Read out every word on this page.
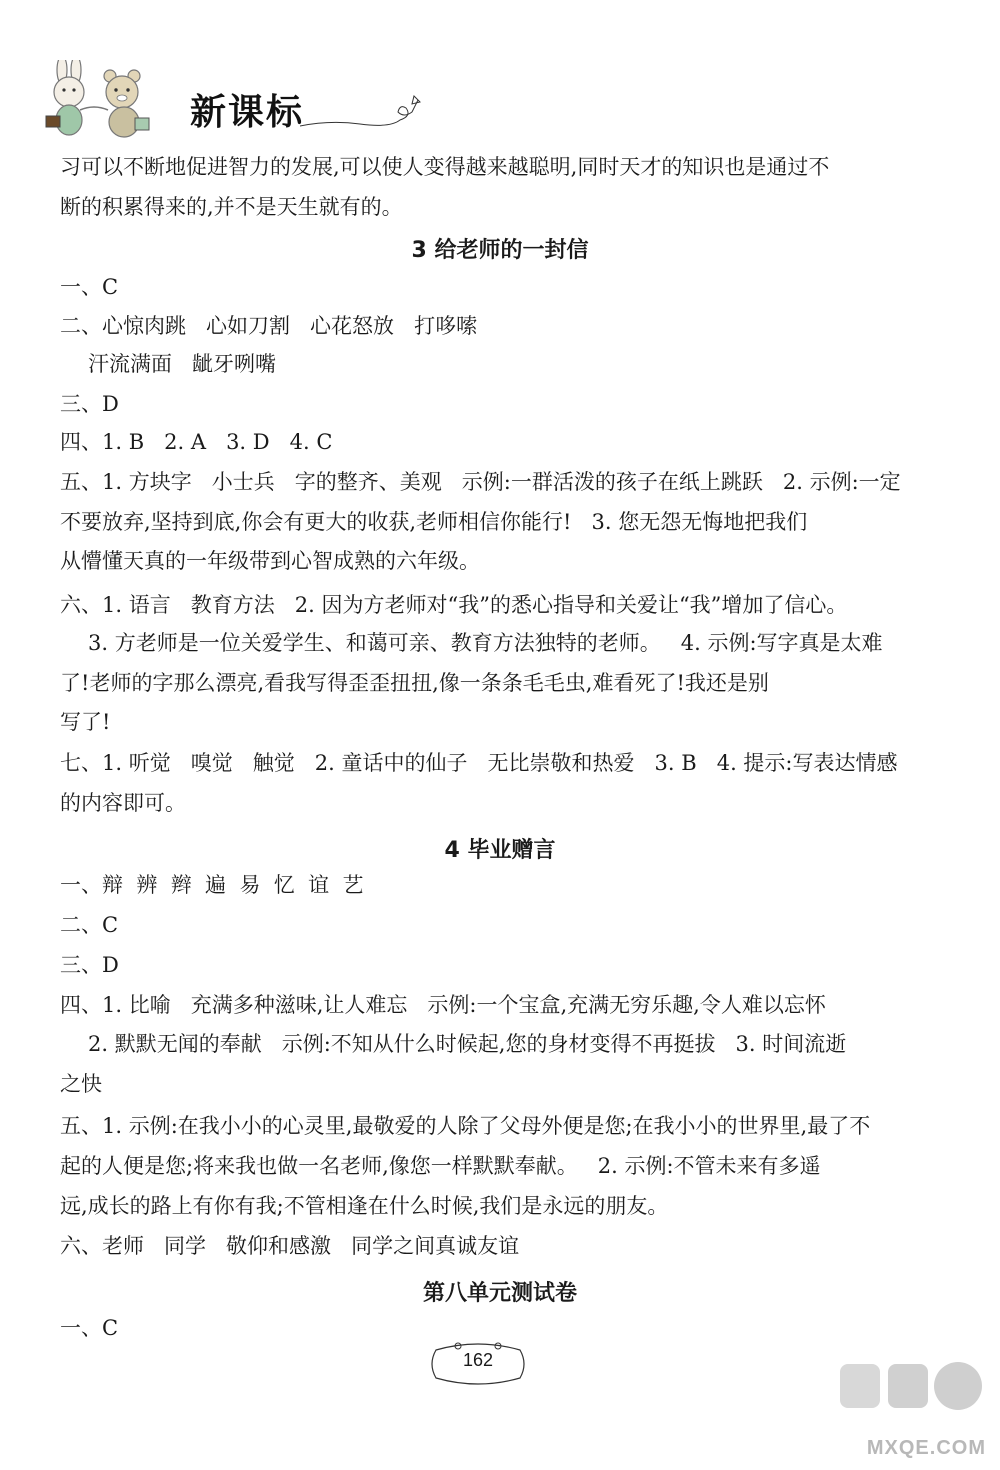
新课标
习可以不断地促进智力的发展,可以使人变得越来越聪明,同时天才的知识也是通过不
断的积累得来的,并不是天生就有的。
3 给老师的一封信
一、C
二、心惊肉跳   心如刀割   心花怒放   打哆嗦
汗流满面   龇牙咧嘴
三、D
四、1. B   2. A   3. D   4. C
五、1. 方块字   小士兵   字的整齐、美观   示例:一群活泼的孩子在纸上跳跃   2. 示例:一定
不要放弃,坚持到底,你会有更大的收获,老师相信你能行!   3. 您无怨无悔地把我们
从懵懂天真的一年级带到心智成熟的六年级。
六、1. 语言   教育方法   2. 因为方老师对“我”的悉心指导和关爱让“我”增加了信心。
3. 方老师是一位关爱学生、和蔼可亲、教育方法独特的老师。   4. 示例:写字真是太难
了!老师的字那么漂亮,看我写得歪歪扭扭,像一条条毛毛虫,难看死了!我还是别
写了!
七、1. 听觉   嗅觉   触觉   2. 童话中的仙子   无比崇敬和热爱   3. B   4. 提示:写表达情感
的内容即可。
4 毕业赠言
一、辩  辨  辫  遍  易  忆  谊  艺
二、C
三、D
四、1. 比喻   充满多种滋味,让人难忘   示例:一个宝盒,充满无穷乐趣,令人难以忘怀
2. 默默无闻的奉献   示例:不知从什么时候起,您的身材变得不再挺拔   3. 时间流逝
之快
五、1. 示例:在我小小的心灵里,最敬爱的人除了父母外便是您;在我小小的世界里,最了不
起的人便是您;将来我也做一名老师,像您一样默默奉献。   2. 示例:不管未来有多遥
远,成长的路上有你有我;不管相逢在什么时候,我们是永远的朋友。
六、老师   同学   敬仰和感激   同学之间真诚友谊
第八单元测试卷
一、C
162
MXQE.COM
